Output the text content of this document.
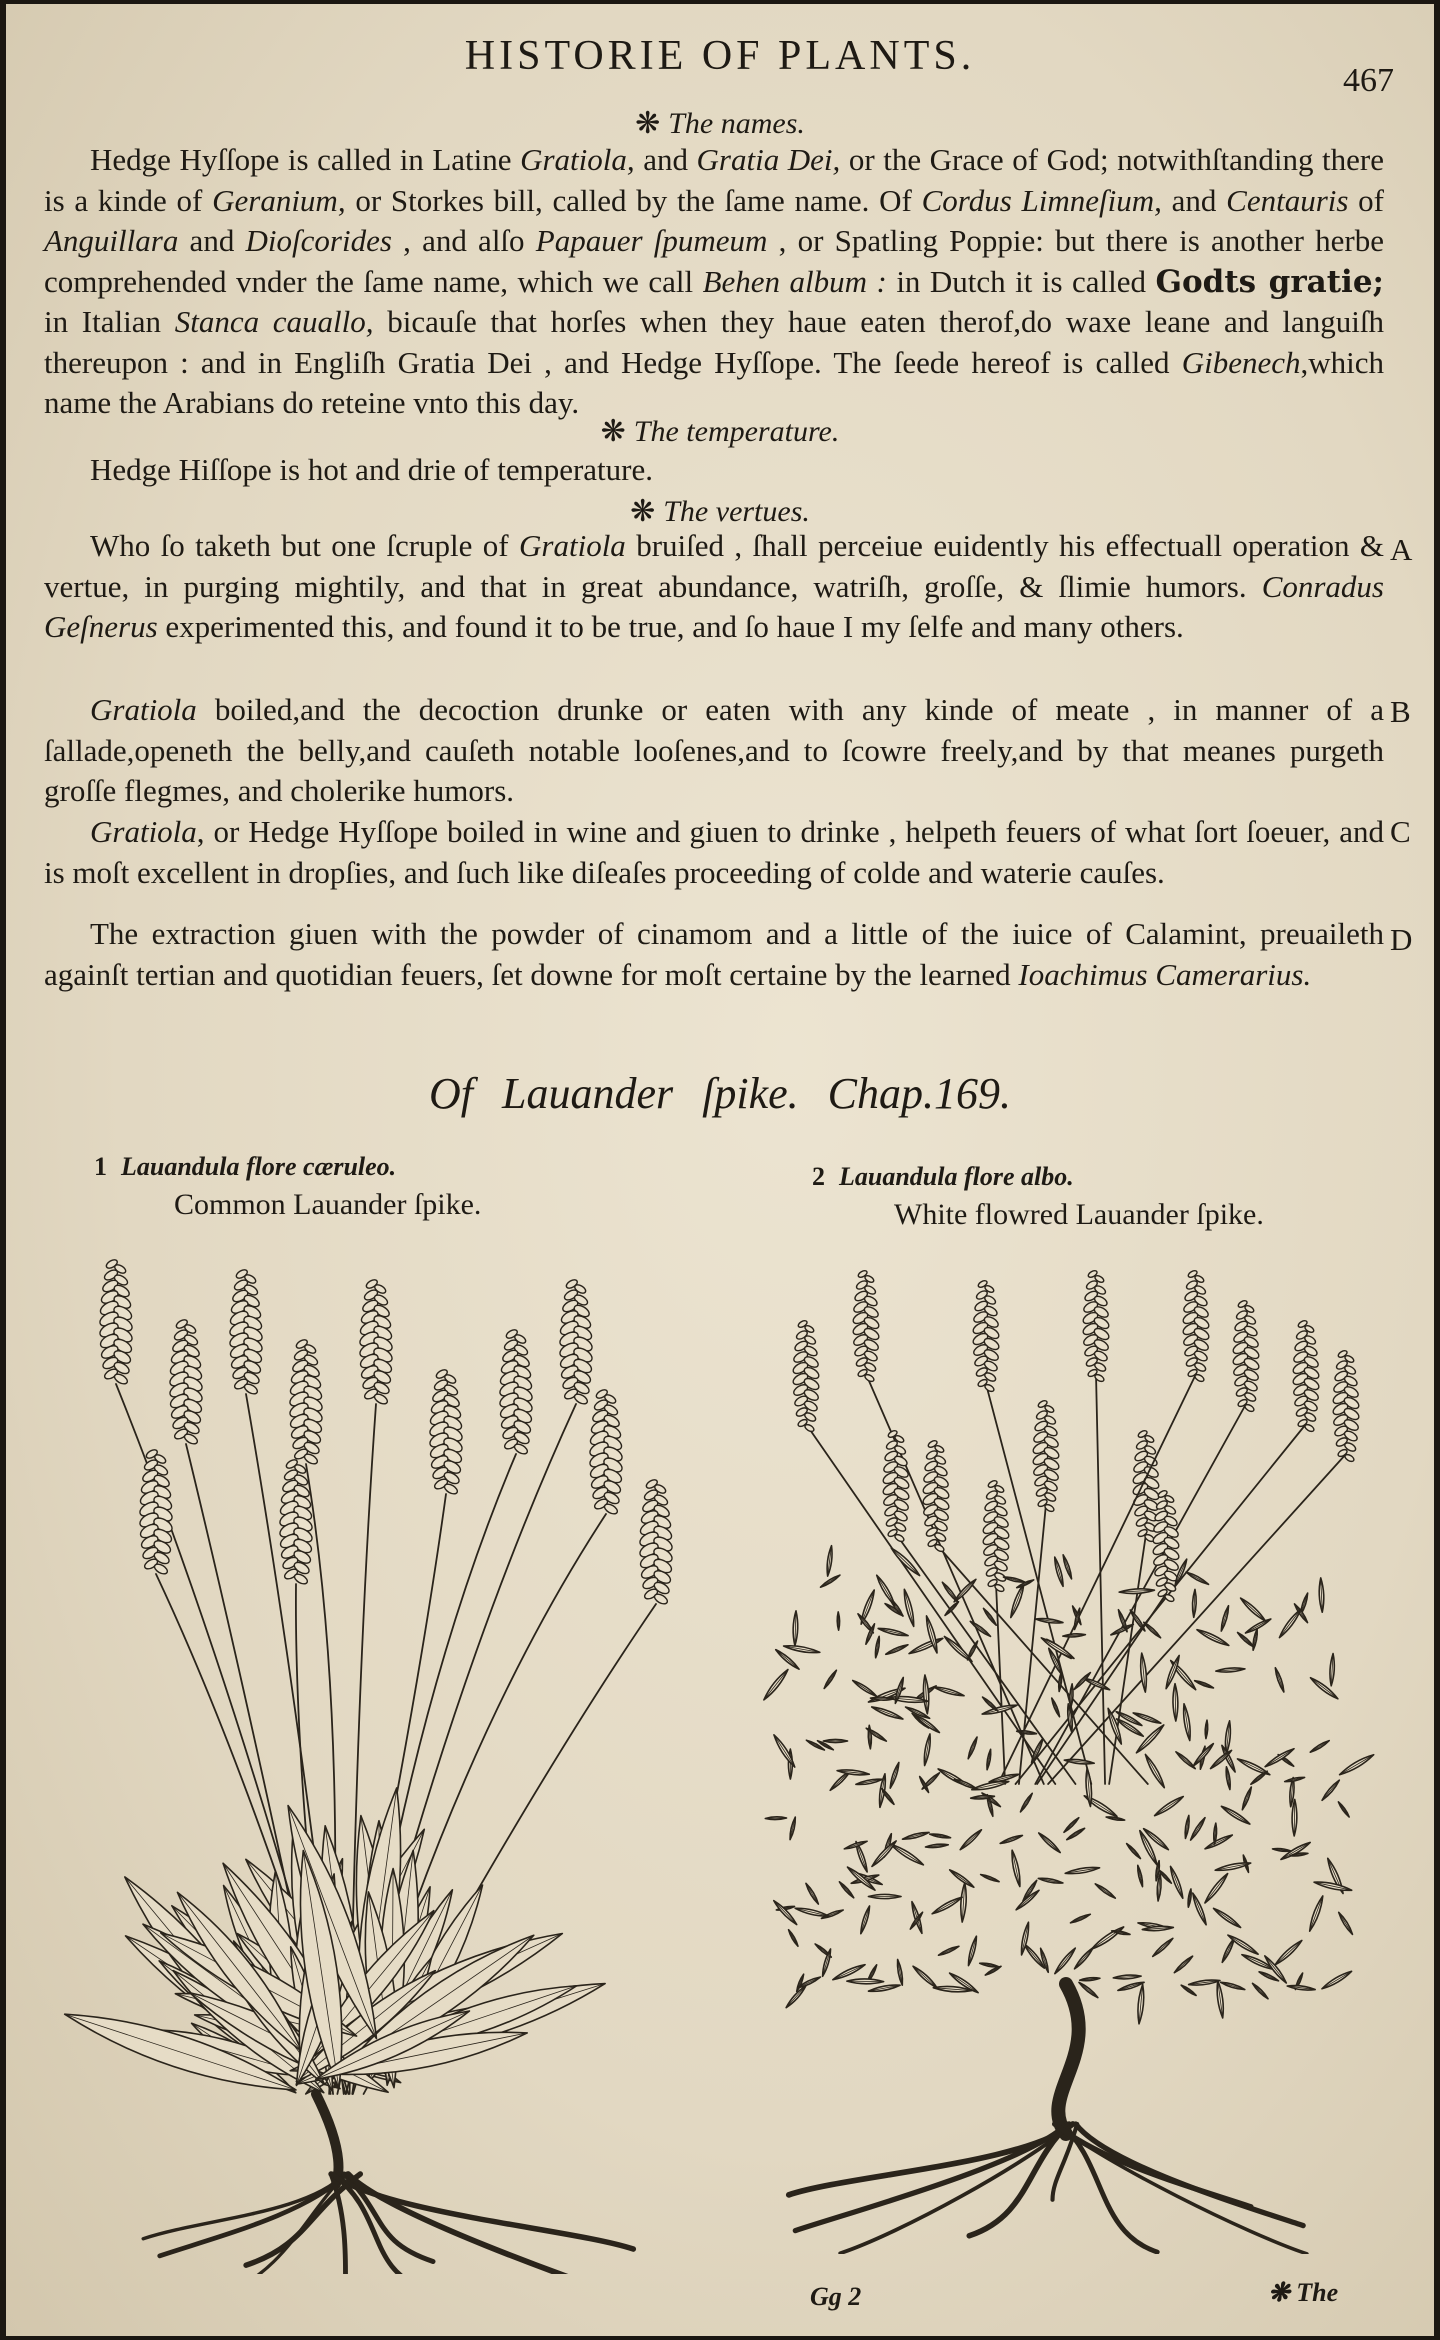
HISTORIE OF PLANTS.
467
❋ The names.
Hedge Hyſſope is called in Latine Gratiola, and Gratia Dei, or the Grace of God; notwithſtanding there is a kinde of Geranium, or Storkes bill, called by the ſame name. Of Cordus Limneſium, and Centauris of Anguillara and Dioſcorides , and alſo Papauer ſpumeum , or Spatling Poppie: but there is another herbe comprehended vnder the ſame name, which we call Behen album : in Dutch it is called Godts gratie; in Italian Stanca cauallo, bicauſe that horſes when they haue eaten therof,do waxe leane and languiſh thereupon : and in Engliſh Gratia Dei , and Hedge Hyſſope. The ſeede hereof is called Gibenech,which name the Arabians do reteine vnto this day.
❋ The temperature.
Hedge Hiſſope is hot and drie of temperature.
❋ The vertues.
Who ſo taketh but one ſcruple of Gratiola bruiſed , ſhall perceiue euidently his effectuall operation & vertue, in purging mightily, and that in great abundance, watriſh, groſſe, & ſlimie humors. Conradus Geſnerus experimented this, and found it to be true, and ſo haue I my ſelfe and many others.
A
Gratiola boiled,and the decoction drunke or eaten with any kinde of meate , in manner of a ſallade,openeth the belly,and cauſeth notable looſenes,and to ſcowre freely,and by that meanes purgeth groſſe flegmes, and cholerike humors.
B
Gratiola, or Hedge Hyſſope boiled in wine and giuen to drinke , helpeth feuers of what ſort ſoeuer, and is moſt excellent in dropſies, and ſuch like diſeaſes proceeding of colde and waterie cauſes.
C
The extraction giuen with the powder of cinamom and a little of the iuice of Calamint, preuaileth againſt tertian and quotidian feuers, ſet downe for moſt certaine by the learned Ioachimus Camerarius.
D
Of Lauander ſpike. Chap.169.
1 Lauandula flore cæruleo.
Common Lauander ſpike.
2 Lauandula flore albo.
White flowred Lauander ſpike.
Gg 2	❋ The
